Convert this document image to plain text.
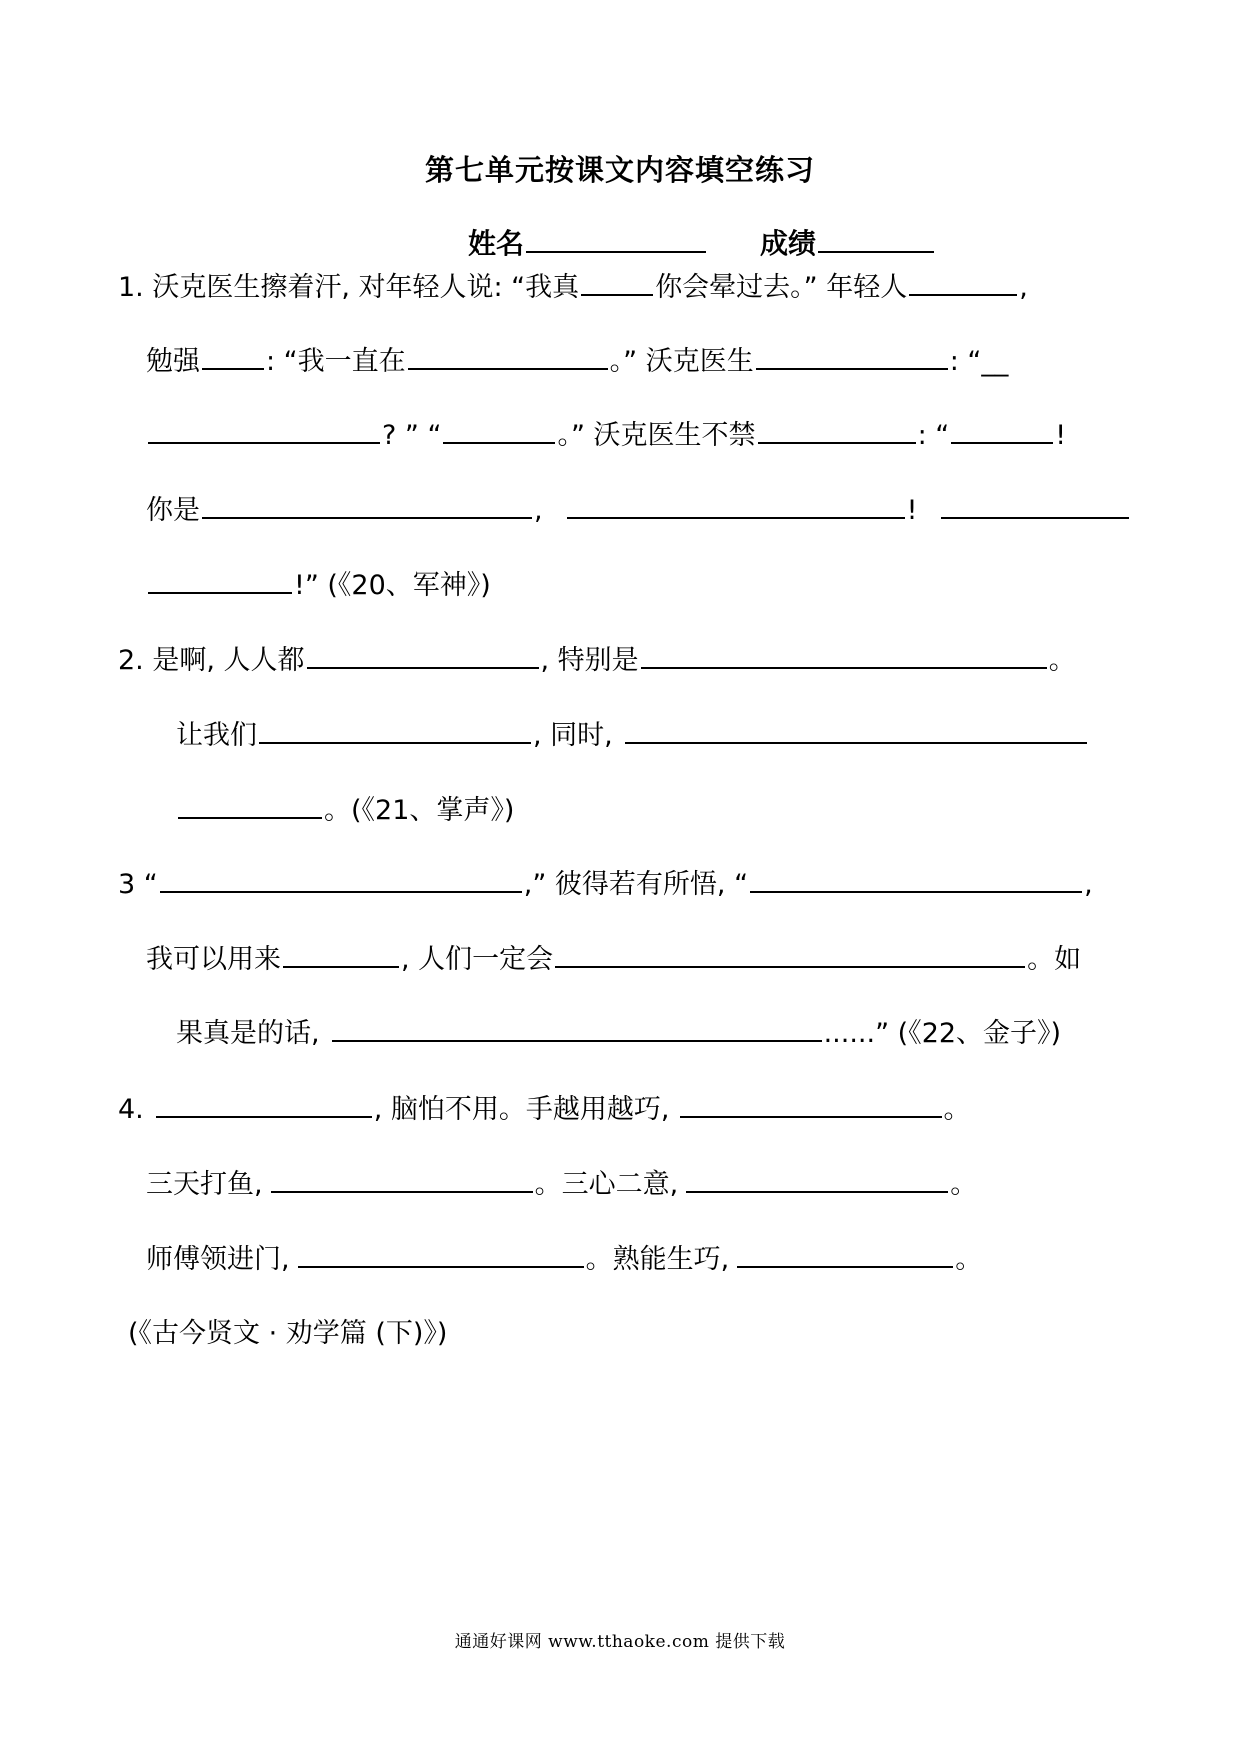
第七单元按课文内容填空练习
姓名	成绩
1. 沃克医生擦着汗, 对年轻人说: “我真	你会晕过去。” 年轻人	,
勉强 : “我一直在	。” 沃克医生	: “__
? ” “	。” 沃克医生不禁	: “	!
你是	,	!
!” (《20、军神》)
2. 是啊, 人人都	, 特别是	。
让我们	, 同时,
。(《21、掌声》)
3 “	,” 彼得若有所悟, “	,
我可以用来	, 人们一定会	。如
果真是的话,	......” (《22、金子》)
4.	, 脑怕不用。手越用越巧,	。
三天打鱼,	。三心二意,	。
师傅领进门,	。熟能生巧,	。
(《古今贤文 · 劝学篇 (下)》)
通通好课网 www.tthaoke.com 提供下载
